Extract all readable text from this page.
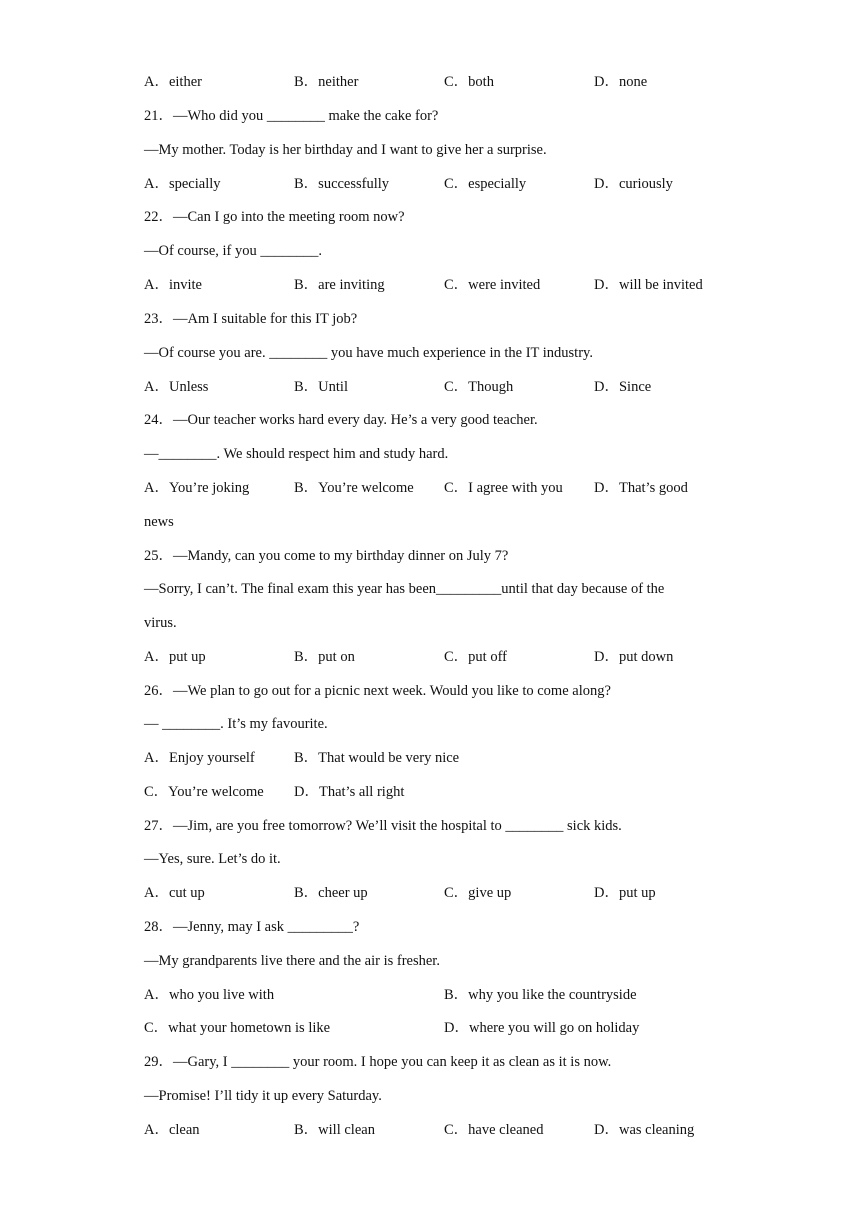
A．either	B．neither	C．both	D．none
21．—Who did you ________ make the cake for?
—My mother. Today is her birthday and I want to give her a surprise.
A．specially	B．successfully	C．especially	D．curiously
22．—Can I go into the meeting room now?
—Of course, if you ________.
A．invite	B．are inviting	C．were invited	D．will be invited
23．—Am I suitable for this IT job?
—Of course you are. ________ you have much experience in the IT industry.
A．Unless	B．Until	C．Though	D．Since
24．—Our teacher works hard every day. He’s a very good teacher.
—________. We should respect him and study hard.
A．You’re joking	B．You’re welcome C．I agree with you D．That’s good
news
25．—Mandy, can you come to my birthday dinner on July 7?
—Sorry, I can’t. The final exam this year has been_________until that day because of the
virus.
A．put up	B．put on	C．put off	D．put down
26．—We plan to go out for a picnic next week. Would you like to come along?
— ________. It’s my favourite.
A．Enjoy yourself	B．That would be very nice
C．You’re welcome D．That’s all right
27．—Jim, are you free tomorrow? We’ll visit the hospital to ________ sick kids.
—Yes, sure. Let’s do it.
A．cut up	B．cheer up	C．give up	D．put up
28．—Jenny, may I ask _________?
—My grandparents live there and the air is fresher.
A．who you live with	B．why you like the countryside
C．what your hometown is like	D．where you will go on holiday
29．—Gary, I ________ your room. I hope you can keep it as clean as it is now.
—Promise! I’ll tidy it up every Saturday.
A．clean	B．will clean	C．have cleaned	D．was cleaning
